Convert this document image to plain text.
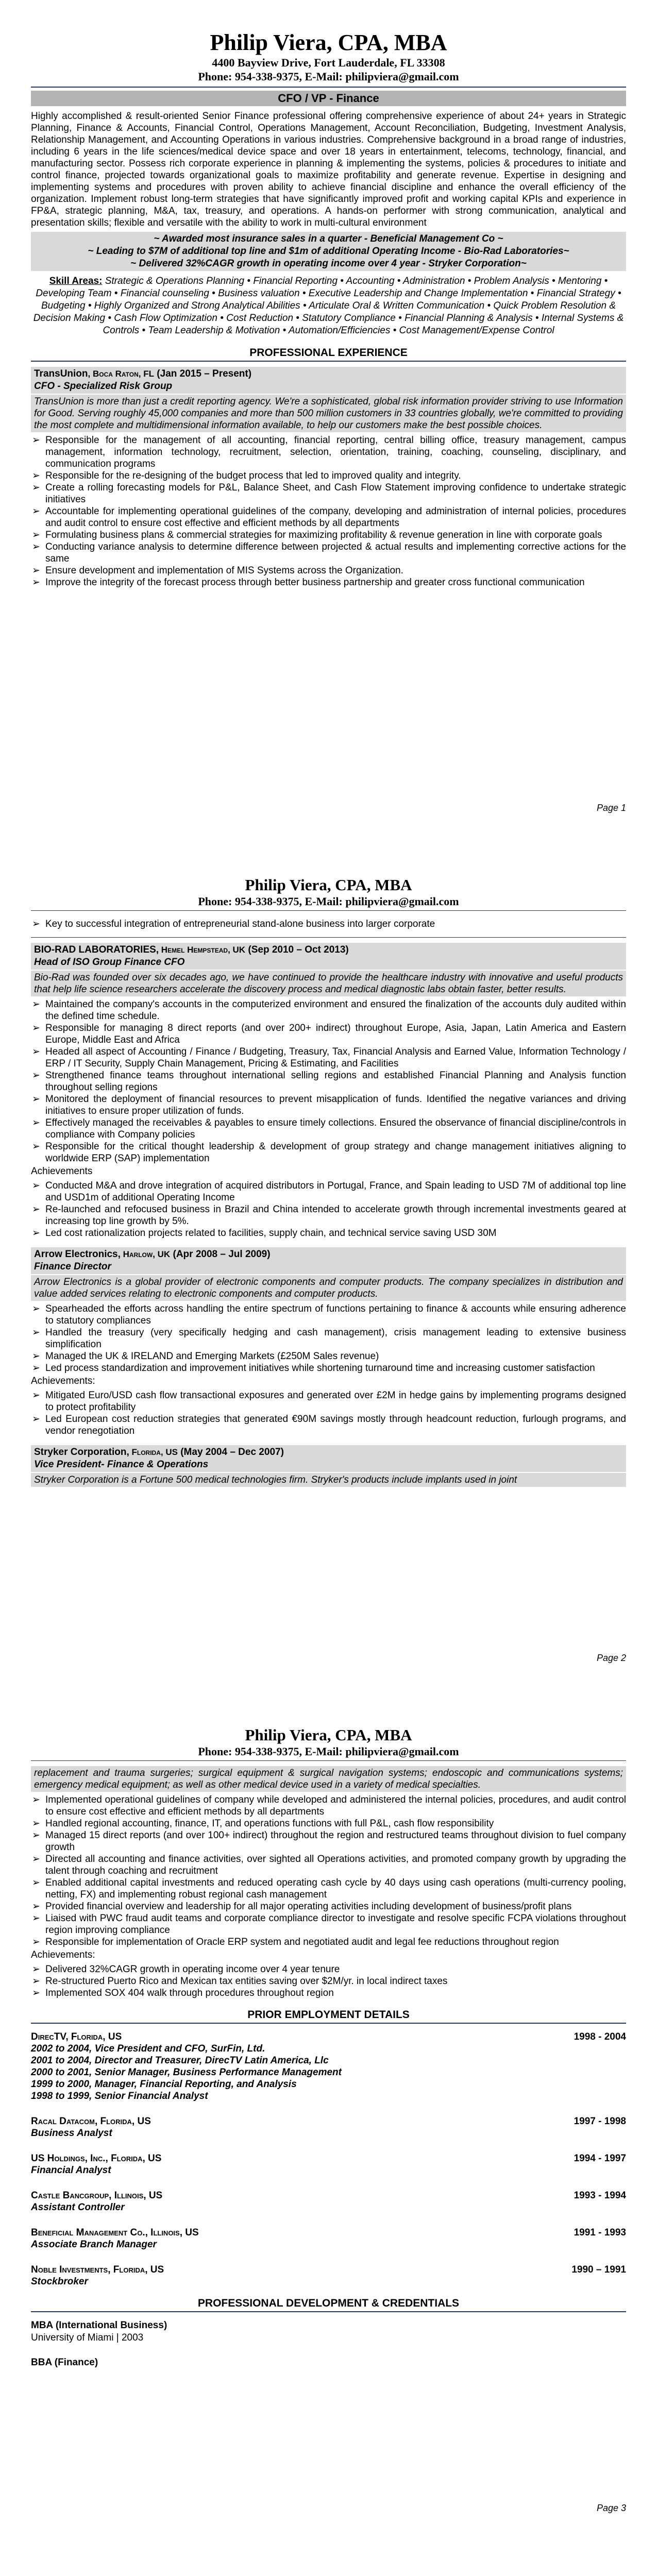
Philip Viera, CPA, MBA
4400 Bayview Drive, Fort Lauderdale, FL 33308
Phone: 954-338-9375, E-Mail: philipviera@gmail.com
CFO / VP - Finance

Highly accomplished & result-oriented Senior Finance professional offering comprehensive experience of about 24+ years in Strategic Planning, Finance & Accounts, Financial Control, Operations Management, Account Reconciliation, Budgeting, Investment Analysis, Relationship Management, and Accounting Operations in various industries. Comprehensive background in a broad range of industries, including 6 years in the life sciences/medical device space and over 18 years in entertainment, telecoms, technology, financial, and manufacturing sector. Possess rich corporate experience in planning & implementing the systems, policies & procedures to initiate and control finance, projected towards organizational goals to maximize profitability and generate revenue. Expertise in designing and implementing systems and procedures with proven ability to achieve financial discipline and enhance the overall efficiency of the organization. Implement robust long-term strategies that have significantly improved profit and working capital KPIs and experience in FP&A, strategic planning, M&A, tax, treasury, and operations. A hands-on performer with strong communication, analytical and presentation skills; flexible and versatile with the ability to work in multi-cultural environment

~ Awarded most insurance sales in a quarter - Beneficial Management Co ~
~ Leading to $7M of additional top line and $1m of additional Operating Income - Bio-Rad Laboratories~
~ Delivered 32%CAGR growth in operating income over 4 year - Stryker Corporation~

Skill Areas: Strategic & Operations Planning • Financial Reporting • Accounting • Administration • Problem Analysis • Mentoring • Developing Team • Financial counseling • Business valuation • Executive Leadership and Change Implementation • Financial Strategy • Budgeting • Highly Organized and Strong Analytical Abilities • Articulate Oral & Written Communication • Quick Problem Resolution & Decision Making • Cash Flow Optimization • Cost Reduction • Statutory Compliance • Financial Planning & Analysis • Internal Systems & Controls • Team Leadership & Motivation • Automation/Efficiencies • Cost Management/Expense Control

PROFESSIONAL EXPERIENCE
TransUnion, Boca Raton, FL (Jan 2015 – Present)
CFO - Specialized Risk Group
TransUnion is more than just a credit reporting agency. We're a sophisticated, global risk information provider striving to use Information for Good. Serving roughly 45,000 companies and more than 500 million customers in 33 countries globally, we're committed to providing the most complete and multidimensional information available, to help our customers make the best possible choices.
➢ Responsible for the management of all accounting, financial reporting, central billing office, treasury management, campus management, information technology, recruitment, selection, orientation, training, coaching, counseling, disciplinary, and communication programs
➢ Responsible for the re-designing of the budget process that led to improved quality and integrity.
➢ Create a rolling forecasting models for P&L, Balance Sheet, and Cash Flow Statement improving confidence to undertake strategic initiatives
➢ Accountable for implementing operational guidelines of the company, developing and administration of internal policies, procedures and audit control to ensure cost effective and efficient methods by all departments
➢ Formulating business plans & commercial strategies for maximizing profitability & revenue generation in line with corporate goals
➢ Conducting variance analysis to determine difference between projected & actual results and implementing corrective actions for the same
➢ Ensure development and implementation of MIS Systems across the Organization.
➢ Improve the integrity of the forecast process through better business partnership and greater cross functional communication
Page 1
Philip Viera, CPA, MBA
Phone: 954-338-9375, E-Mail: philipviera@gmail.com
➢ Key to successful integration of entrepreneurial stand-alone business into larger corporate
BIO-RAD LABORATORIES, Hemel Hempstead, UK (Sep 2010 – Oct 2013)
Head of ISO Group Finance CFO
Bio-Rad was founded over six decades ago, we have continued to provide the healthcare industry with innovative and useful products that help life science researchers accelerate the discovery process and medical diagnostic labs obtain faster, better results.
➢ Maintained the company's accounts in the computerized environment and ensured the finalization of the accounts duly audited within the defined time schedule.
➢ Responsible for managing 8 direct reports (and over 200+ indirect) throughout Europe, Asia, Japan, Latin America and Eastern Europe, Middle East and Africa
➢ Headed all aspect of Accounting / Finance / Budgeting, Treasury, Tax, Financial Analysis and Earned Value, Information Technology / ERP / IT Security, Supply Chain Management, Pricing & Estimating, and Facilities
➢ Strengthened finance teams throughout international selling regions and established Financial Planning and Analysis function throughout selling regions
➢ Monitored the deployment of financial resources to prevent misapplication of funds. Identified the negative variances and driving initiatives to ensure proper utilization of funds.
➢ Effectively managed the receivables & payables to ensure timely collections. Ensured the observance of financial discipline/controls in compliance with Company policies
➢ Responsible for the critical thought leadership & development of group strategy and change management initiatives aligning to worldwide ERP (SAP) implementation
Achievements
➢ Conducted M&A and drove integration of acquired distributors in Portugal, France, and Spain leading to USD 7M of additional top line and USD1m of additional Operating Income
➢ Re-launched and refocused business in Brazil and China intended to accelerate growth through incremental investments geared at increasing top line growth by 5%.
➢ Led cost rationalization projects related to facilities, supply chain, and technical service saving USD 30M
Arrow Electronics, Harlow, UK (Apr 2008 – Jul 2009)
Finance Director
Arrow Electronics is a global provider of electronic components and computer products. The company specializes in distribution and value added services relating to electronic components and computer products.
➢ Spearheaded the efforts across handling the entire spectrum of functions pertaining to finance & accounts while ensuring adherence to statutory compliances
➢ Handled the treasury (very specifically hedging and cash management), crisis management leading to extensive business simplification
➢ Managed the UK & IRELAND and Emerging Markets (£250M Sales revenue)
➢ Led process standardization and improvement initiatives while shortening turnaround time and increasing customer satisfaction
Achievements:
➢ Mitigated Euro/USD cash flow transactional exposures and generated over £2M in hedge gains by implementing programs designed to protect profitability
➢ Led European cost reduction strategies that generated €90M savings mostly through headcount reduction, furlough programs, and vendor renegotiation
Stryker Corporation, Florida, US (May 2004 – Dec 2007)
Vice President- Finance & Operations
Stryker Corporation is a Fortune 500 medical technologies firm. Stryker's products include implants used in joint
Page 2
Philip Viera, CPA, MBA
Phone: 954-338-9375, E-Mail: philipviera@gmail.com
replacement and trauma surgeries; surgical equipment & surgical navigation systems; endoscopic and communications systems; emergency medical equipment; as well as other medical device used in a variety of medical specialties.
➢ Implemented operational guidelines of company while developed and administered the internal policies, procedures, and audit control to ensure cost effective and efficient methods by all departments
➢ Handled regional accounting, finance, IT, and operations functions with full P&L, cash flow responsibility
➢ Managed 15 direct reports (and over 100+ indirect) throughout the region and restructured teams throughout division to fuel company growth
➢ Directed all accounting and finance activities, over sighted all Operations activities, and promoted company growth by upgrading the talent through coaching and recruitment
➢ Enabled additional capital investments and reduced operating cash cycle by 40 days using cash operations (multi-currency pooling, netting, FX) and implementing robust regional cash management
➢ Provided financial overview and leadership for all major operating activities including development of business/profit plans
➢ Liaised with PWC fraud audit teams and corporate compliance director to investigate and resolve specific FCPA violations throughout region improving compliance
➢ Responsible for implementation of Oracle ERP system and negotiated audit and legal fee reductions throughout region
Achievements:
➢ Delivered 32%CAGR growth in operating income over 4 year tenure
➢ Re-structured Puerto Rico and Mexican tax entities saving over $2M/yr. in local indirect taxes
➢ Implemented SOX 404 walk through procedures throughout region
PRIOR EMPLOYMENT DETAILS
DirecTV, Florida, US
2002 to 2004, Vice President and CFO, SurFin, Ltd.
2001 to 2004, Director and Treasurer, DirecTV Latin America, Llc
2000 to 2001, Senior Manager, Business Performance Management
1999 to 2000, Manager, Financial Reporting, and Analysis
1998 to 1999, Senior Financial Analyst
1998 - 2004
Racal Datacom, Florida, US
Business Analyst
1997 - 1998
US Holdings, Inc., Florida, US
Financial Analyst
1994 - 1997
Castle Bancgroup, Illinois, US
Assistant Controller
1993 - 1994
Beneficial Management Co., Illinois, US
Associate Branch Manager
1991 - 1993
Noble Investments, Florida, US
Stockbroker
1990 – 1991
PROFESSIONAL DEVELOPMENT & CREDENTIALS
MBA (International Business)
University of Miami | 2003
BBA (Finance)
Page 3
